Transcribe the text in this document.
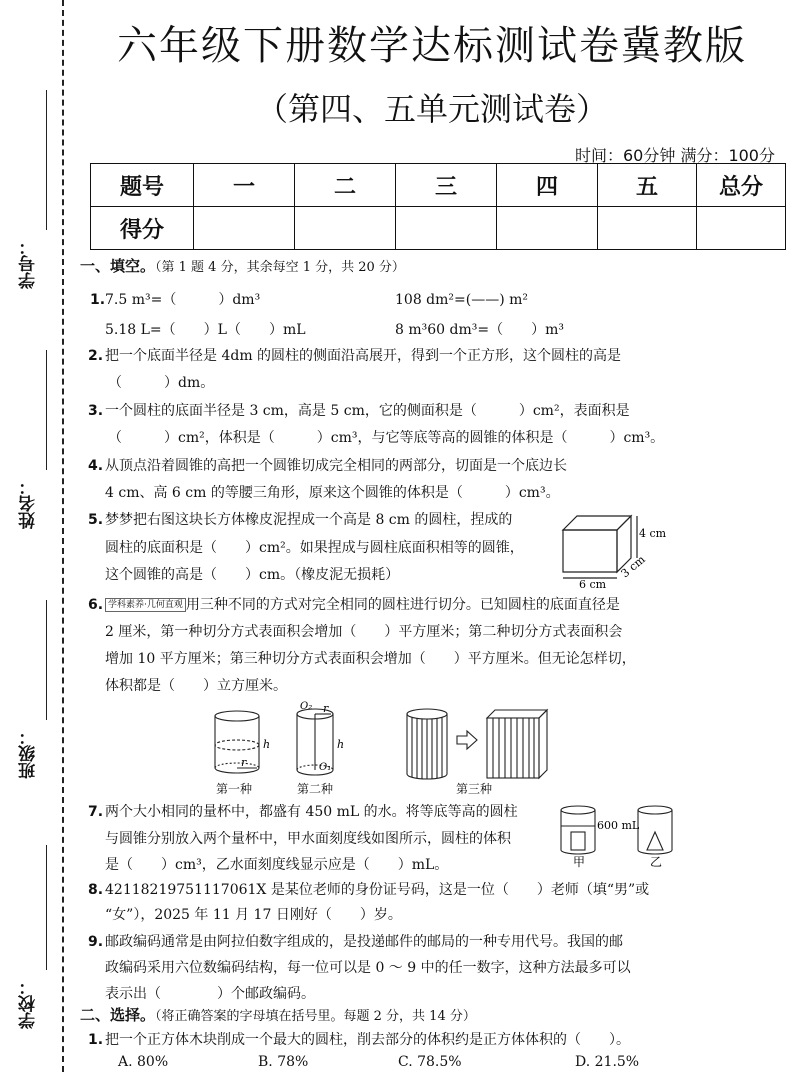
学号：
姓名：
班级：
学校：
六年级下册数学达标测试卷冀教版
（第四、五单元测试卷）
时间：60分钟 满分：100分
题号	一	二	三	四	五	总分
得分						
一、填空。（第 1 题 4 分，其余每空 1 分，共 20 分）
1. 7.5 m³=（　　　）dm³	108 dm²=(——) m²
5.18 L=（　　）L（　　）mL	8 m³60 dm³=（　　）m³
2. 把一个底面半径是 4dm 的圆柱的侧面沿高展开，得到一个正方形，这个圆柱的高是
（　　　）dm。
3. 一个圆柱的底面半径是 3 cm，高是 5 cm，它的侧面积是（　　　）cm²，表面积是
（　　　）cm²，体积是（　　　）cm³，与它等底等高的圆锥的体积是（　　　）cm³。
4. 从顶点沿着圆锥的高把一个圆锥切成完全相同的两部分，切面是一个底边长
4 cm、高 6 cm 的等腰三角形，原来这个圆锥的体积是（　　　）cm³。
5. 梦梦把右图这块长方体橡皮泥捏成一个高是 8 cm 的圆柱，捏成的
圆柱的底面积是（　　）cm²。如果捏成与圆柱底面积相等的圆锥，
这个圆锥的高是（　　）cm。（橡皮泥无损耗）
4 cm
6 cm
3 cm
6. 学科素养·几何直观 用三种不同的方式对完全相同的圆柱进行切分。已知圆柱的底面直径是
2 厘米，第一种切分方式表面积会增加（　　）平方厘米；第二种切分方式表面积会
增加 10 平方厘米；第三种切分方式表面积会增加（　　）平方厘米。但无论怎样切，
体积都是（　　）立方厘米。
h
r
h
r
O₁
O₂
第一种	第二种	第三种
7. 两个大小相同的量杯中，都盛有 450 mL 的水。将等底等高的圆柱
与圆锥分别放入两个量杯中，甲水面刻度线如图所示，圆柱的体积
是（　　）cm³，乙水面刻度线显示应是（　　）mL。
600 mL
甲	乙
8. 42118219751117061X 是某位老师的身份证号码，这是一位（　　）老师（填“男”或
“女”），2025 年 11 月 17 日刚好（　　）岁。
9. 邮政编码通常是由阿拉伯数字组成的，是投递邮件的邮局的一种专用代号。我国的邮
政编码采用六位数编码结构，每一位可以是 0 ～ 9 中的任一数字，这种方法最多可以
表示出（　　　　）个邮政编码。
二、选择。（将正确答案的字母填在括号里。每题 2 分，共 14 分）
1. 把一个正方体木块削成一个最大的圆柱，削去部分的体积约是正方体体积的（　　）。
A. 80%	B. 78%	C. 78.5%	D. 21.5%
